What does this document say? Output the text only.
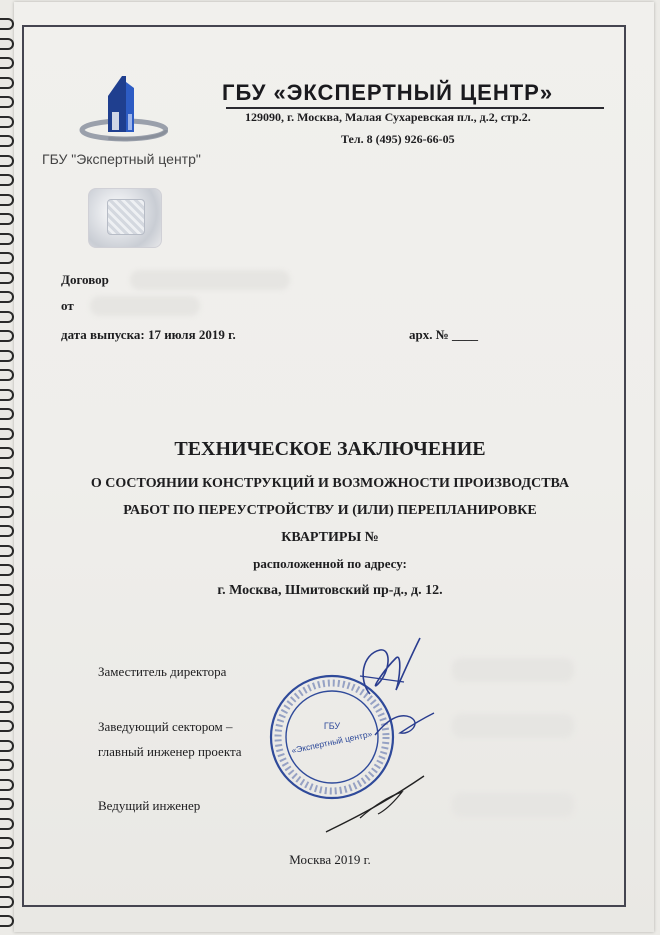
ГБУ "Экспертный центр"
ГБУ «ЭКСПЕРТНЫЙ ЦЕНТР»
129090, г. Москва, Малая Сухаревская пл., д.2, стр.2.
Тел. 8 (495) 926-66-05
Договор
от
дата выпуска: 17 июля 2019 г.	арх. № ____
ТЕХНИЧЕСКОЕ ЗАКЛЮЧЕНИЕ
О СОСТОЯНИИ КОНСТРУКЦИЙ И ВОЗМОЖНОСТИ ПРОИЗВОДСТВА
РАБОТ ПО ПЕРЕУСТРОЙСТВУ И (ИЛИ) ПЕРЕПЛАНИРОВКЕ
КВАРТИРЫ №
расположенной по адресу:
г. Москва, Шмитовский пр-д., д. 12.
Заместитель директора
Заведующий сектором –
главный инженер проекта
Ведущий инженер
ГБУ
«Экспертный центр»
Москва 2019 г.
